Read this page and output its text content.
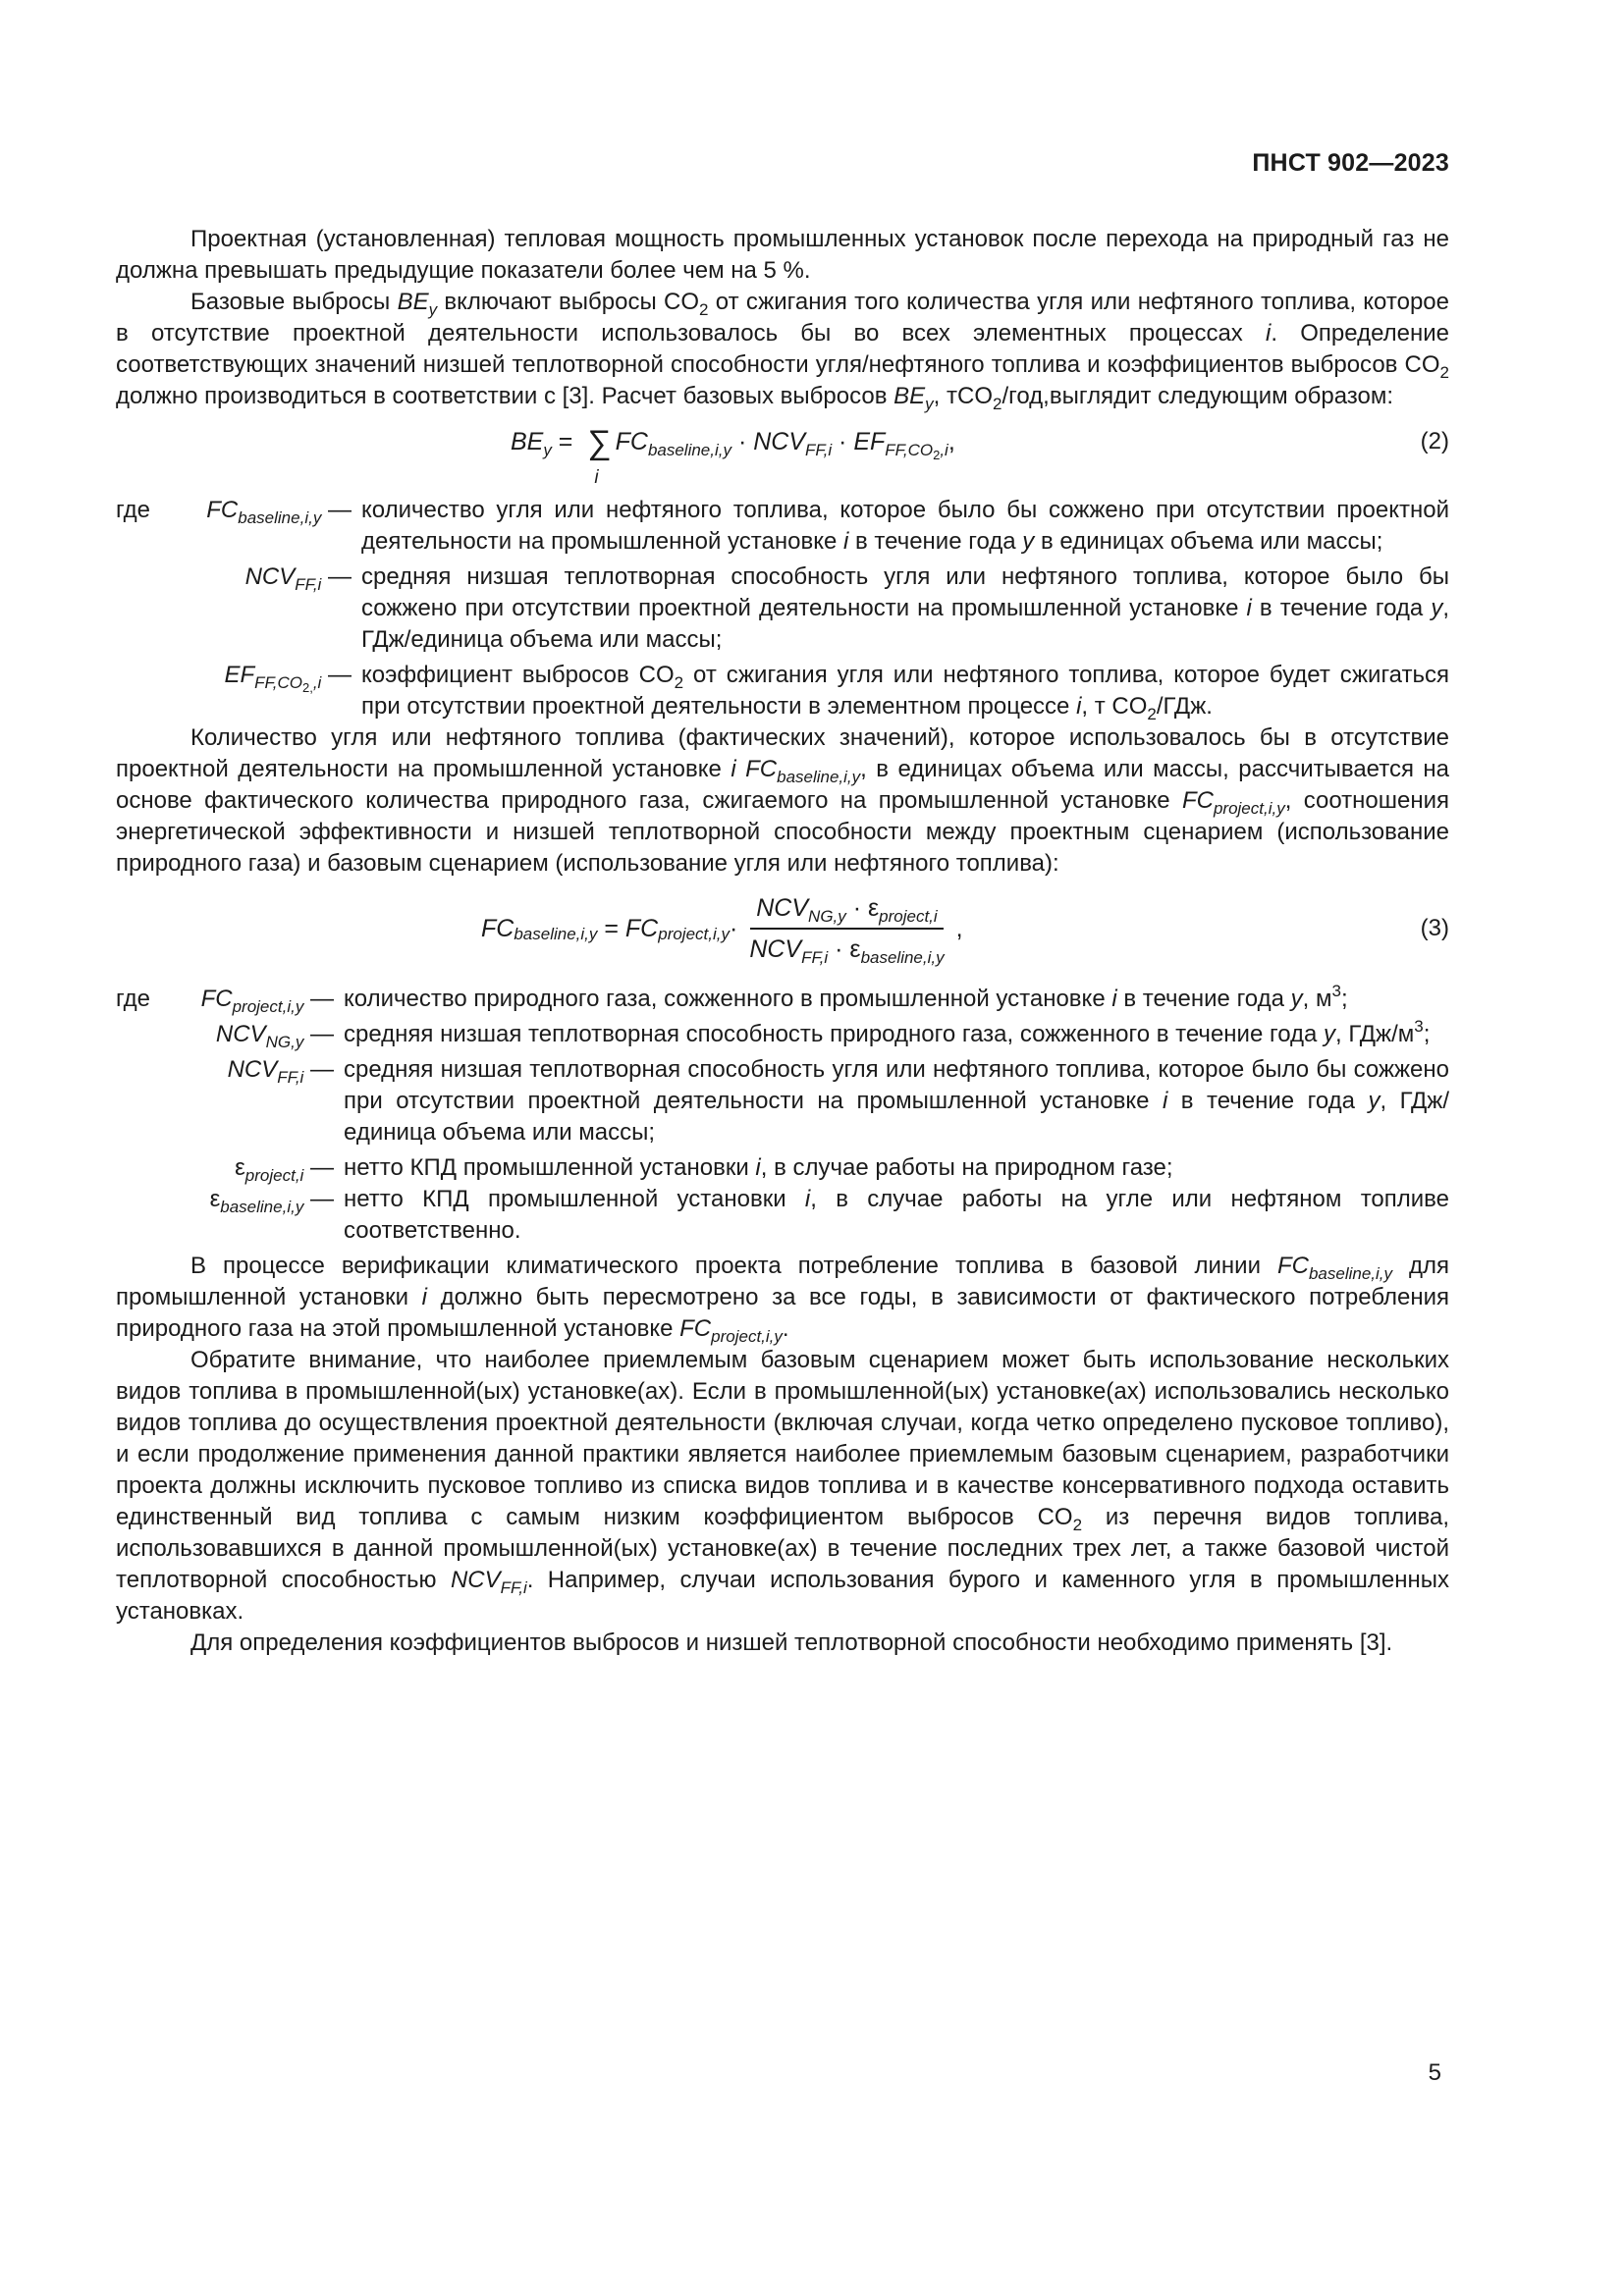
ПНСТ 902—2023

Проектная (установленная) тепловая мощность промышленных установок после перехода на природный газ не должна превышать предыдущие показатели более чем на 5 %.

Базовые выбросы $BE_y$ включают выбросы $CO_2$ от сжигания того количества угля или нефтяного топлива, которое в отсутствие проектной деятельности использовалось бы во всех элементных процессах i. Определение соответствующих значений низшей теплотворной способности угля/нефтяного топлива и коэффициентов выбросов $CO_2$ должно производиться в соответствии с [3]. Расчет базовых выбросов $BE_y$, тCO$_2$/год,выглядит следующим образом:

$BE_y$ = ∑
i
$FC_{baseline,i,y} \cdot NCV_{FF,i} \cdot EF_{FF,CO_2,i}$,	(2)
где $FC_{baseline,i,y}$ — количество угля или нефтяного топлива, которое было бы сожжено при отсутствии проектной деятельности на промышленной установке i в течение года y в единицах объема или массы;
$NCV_{FF,i}$ — средняя низшая теплотворная способность угля или нефтяного топлива, которое было бы сожжено при отсутствии проектной деятельности на промышленной установке i в течение года y, ГДж/единица объема или массы;
$EF_{FF,CO_{2,},i}$ — коэффициент выбросов $CO_2$ от сжигания угля или нефтяного топлива, которое будет сжигаться при отсутствии проектной деятельности в элементном процессе i, т $CO_2$/ГДж.

Количество угля или нефтяного топлива (фактических значений), которое использовалось бы в отсутствие проектной деятельности на промышленной установке i $FC_{baseline,i,y}$, в единицах объема или массы, рассчитывается на основе фактического количества природного газа, сжигаемого на промышленной установке $FC_{project,i,y}$, соотношения энергетической эффективности и низшей теплотворной способности между проектным сценарием (использование природного газа) и базовым сценарием (использование угля или нефтяного топлива):

$FC_{baseline,i,y}$
=
$FC_{project,i,y} \cdot \frac{NCV_{NG,y} \cdot \varepsilon_{project,i}}{NCV_{FF,i} \cdot \varepsilon_{baseline,i,y}}$ ,	(3)
где $FC_{project,i,y}$ — количество природного газа, сожженного в промышленной установке i в течение года y, $м^3$;
$NCV_{NG,y}$ — средняя низшая теплотворная способность природного газа, сожженного в течение года y, ГДж/$м^3$;
$NCV_{FF,i}$ — средняя низшая теплотворная способность угля или нефтяного топлива, которое было бы сожжено при отсутствии проектной деятельности на промышленной установке i в течение года y, ГДж/единица объема или массы;
$\varepsilon_{project,i}$ — нетто КПД промышленной установки i, в случае работы на природном газе;
$\varepsilon_{baseline,i,y}$ — нетто КПД промышленной установки i, в случае работы на угле или нефтяном топливе соответственно.

В процессе верификации климатического проекта потребление топлива в базовой линии $FC_{baseline,i,y}$ для промышленной установки i должно быть пересмотрено за все годы, в зависимости от фактического потребления природного газа на этой промышленной установке $FC_{project,i,y}$.

Обратите внимание, что наиболее приемлемым базовым сценарием может быть использование нескольких видов топлива в промышленной(ых) установке(ах). Если в промышленной(ых) установке(ах) использовались несколько видов топлива до осуществления проектной деятельности (включая случаи, когда четко определено пусковое топливо), и если продолжение применения данной практики является наиболее приемлемым базовым сценарием, разработчики проекта должны исключить пусковое топливо из списка видов топлива и в качестве консервативного подхода оставить единственный вид топлива с самым низким коэффициентом выбросов $CO_2$ из перечня видов топлива, использовавшихся в данной промышленной(ых) установке(ах) в течение последних трех лет, а также базовой чистой теплотворной способностью $NCV_{FF,i}$. Например, случаи использования бурого и каменного угля в промышленных установках.

Для определения коэффициентов выбросов и низшей теплотворной способности необходимо применять [3].

5
